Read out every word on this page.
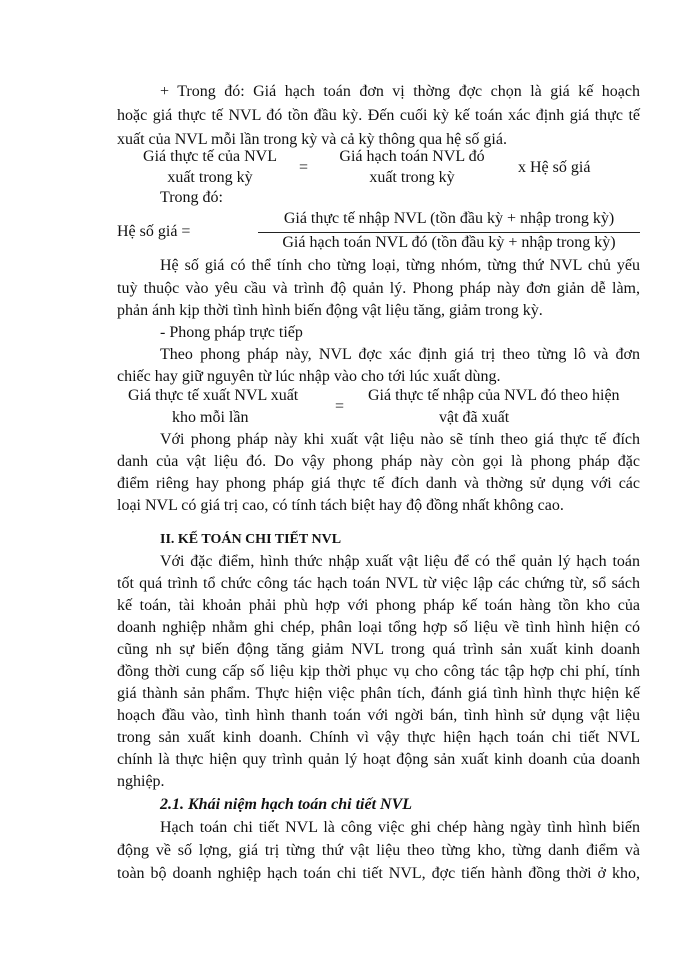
+ Trong đó: Giá hạch toán đơn vị thờng đợc chọn là giá kế hoạch
hoặc giá thực tế NVL đó tồn đầu kỳ. Đến cuối kỳ kế toán xác định giá thực tế
xuất của NVL mỗi lần trong kỳ và cả kỳ thông qua hệ số giá.
Giá thực tế của NVL
xuất trong kỳ
=
Giá hạch toán NVL đó
xuất trong kỳ
x Hệ số giá
Trong đó:
Hệ số giá =
Giá thực tế nhập NVL (tồn đầu kỳ + nhập trong kỳ)
Giá hạch toán NVL đó (tồn đầu kỳ + nhập trong kỳ)
Hệ số giá có thể tính cho từng loại, từng nhóm, từng thứ NVL chủ yếu
tuỳ thuộc vào yêu cầu và trình độ quản lý. Phong pháp này đơn giản dễ làm,
phản ánh kịp thời tình hình biến động vật liệu tăng, giảm trong kỳ.
- Phong pháp trực tiếp
Theo phong pháp này, NVL đợc xác định giá trị theo từng lô và đơn
chiếc hay giữ nguyên từ lúc nhập vào cho tới lúc xuất dùng.
Giá thực tế xuất NVL xuất
kho mỗi lần
=
Giá thực tế nhập của NVL đó theo hiện
vật đã xuất
Với phong pháp này khi xuất vật liệu nào sẽ tính theo giá thực tế đích
danh của vật liệu đó. Do vậy phong pháp này còn gọi là phong pháp đặc
điểm riêng hay phong pháp giá thực tế đích danh và thờng sử dụng với các
loại NVL có giá trị cao, có tính tách biệt hay độ đồng nhất không cao.
II. KẾ TOÁN CHI TIẾT NVL
Với đặc điểm, hình thức nhập xuất vật liệu để có thể quản lý hạch toán
tốt quá trình tổ chức công tác hạch toán NVL từ việc lập các chứng từ, sổ sách
kế toán, tài khoản phải phù hợp với phong pháp kế toán hàng tồn kho của
doanh nghiệp nhằm ghi chép, phân loại tổng hợp số liệu về tình hình hiện có
cũng nh sự biến động tăng giảm NVL trong quá trình sản xuất kinh doanh
đồng thời cung cấp số liệu kịp thời phục vụ cho công tác tập hợp chi phí, tính
giá thành sản phẩm. Thực hiện việc phân tích, đánh giá tình hình thực hiện kế
hoạch đầu vào, tình hình thanh toán với ngời bán, tình hình sử dụng vật liệu
trong sản xuất kinh doanh. Chính vì vậy thực hiện hạch toán chi tiết NVL
chính là thực hiện quy trình quản lý hoạt động sản xuất kinh doanh của doanh
nghiệp.
2.1. Khái niệm hạch toán chi tiết NVL
Hạch toán chi tiết NVL là công việc ghi chép hàng ngày tình hình biến
động về số lợng, giá trị từng thứ vật liệu theo từng kho, từng danh điểm và
toàn bộ doanh nghiệp hạch toán chi tiết NVL, đợc tiến hành đồng thời ở kho,
